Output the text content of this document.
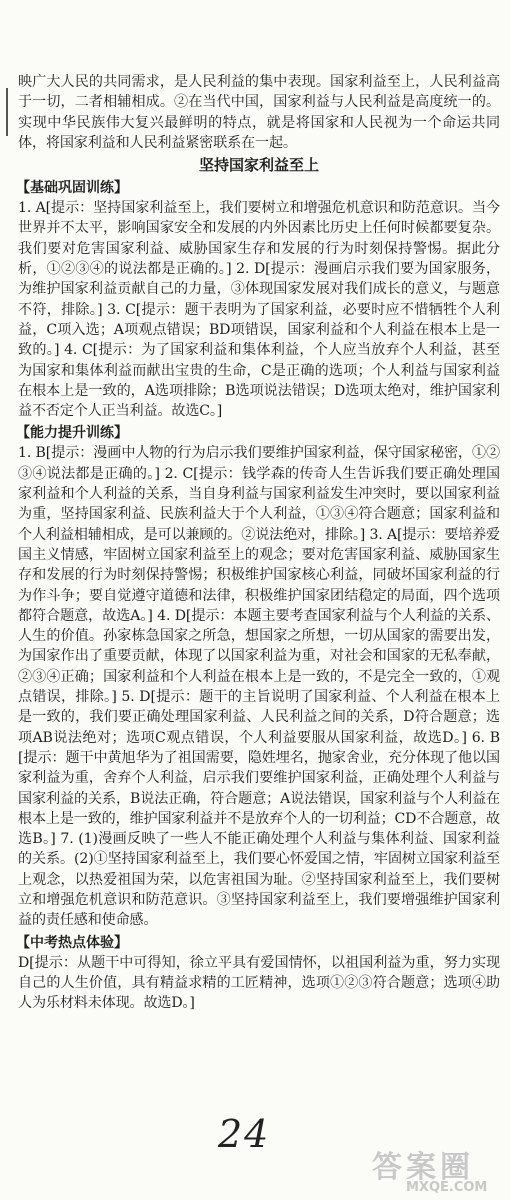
映广大人民的共同需求，是人民利益的集中表现。国家利益至上，人民利益高于一切，二者相辅相成。②在当代中国，国家利益与人民利益是高度统一的。实现中华民族伟大复兴最鲜明的特点，就是将国家和人民视为一个命运共同体，将国家利益和人民利益紧密联系在一起。

坚持国家利益至上
【基础巩固训练】

1. A[提示：坚持国家利益至上，我们要树立和增强危机意识和防范意识。当今世界并不太平，影响国家安全和发展的内外因素比历史上任何时候都要复杂。我们要对危害国家利益、威胁国家生存和发展的行为时刻保持警惕。据此分析，①②③④的说法都是正确的。] 2. D[提示：漫画启示我们要为国家服务，为维护国家利益贡献自己的力量，③体现国家发展对我们成长的意义，与题意不符，排除。] 3. C[提示：题干表明为了国家利益，必要时应不惜牺牲个人利益，C项入选；A项观点错误；BD项错误，国家利益和个人利益在根本上是一致的。] 4. C[提示：为了国家利益和集体利益，个人应当放弃个人利益，甚至为国家和集体利益而献出宝贵的生命，C是正确的选项；个人利益与国家利益在根本上是一致的，A选项排除；B选项说法错误；D选项太绝对，维护国家利益不否定个人正当利益。故选C。]

【能力提升训练】

1. B[提示：漫画中人物的行为启示我们要维护国家利益，保守国家秘密，①②③④说法都是正确的。] 2. C[提示：钱学森的传奇人生告诉我们要正确处理国家利益和个人利益的关系，当自身利益与国家利益发生冲突时，要以国家利益为重，坚持国家利益、民族利益大于个人利益，①③④符合题意；国家利益和个人利益相辅相成，是可以兼顾的。②说法绝对，排除。] 3. A[提示：要培养爱国主义情感，牢固树立国家利益至上的观念；要对危害国家利益、威胁国家生存和发展的行为时刻保持警惕；积极维护国家核心利益，同破坏国家利益的行为作斗争；要自觉遵守道德和法律，积极维护国家团结稳定的局面，四个选项都符合题意，故选A。] 4. D[提示：本题主要考查国家利益与个人利益的关系、人生的价值。孙家栋急国家之所急，想国家之所想，一切从国家的需要出发，为国家作出了重要贡献，体现了以国家利益为重，对社会和国家的无私奉献，②③④正确；国家利益和个人利益在根本上是一致的，不是完全一致的，①观点错误，排除。] 5. D[提示：题干的主旨说明了国家利益、个人利益在根本上是一致的，我们要正确处理国家利益、人民利益之间的关系，D符合题意；选项AB说法绝对；选项C观点错误，个人利益要服从国家利益，故选D。] 6. B[提示：题干中黄旭华为了祖国需要，隐姓埋名，抛家舍业，充分体现了他以国家利益为重，舍弃个人利益，启示我们要维护国家利益，正确处理个人利益与国家利益的关系，B说法正确，符合题意；A说法错误，国家利益与个人利益在根本上是一致的，维护国家利益并不是放弃个人的一切利益；CD不合题意，故选B。] 7. (1)漫画反映了一些人不能正确处理个人利益与集体利益、国家利益的关系。(2)①坚持国家利益至上，我们要心怀爱国之情，牢固树立国家利益至上观念，以热爱祖国为荣，以危害祖国为耻。②坚持国家利益至上，我们要树立和增强危机意识和防范意识。③坚持国家利益至上，我们要增强维护国家利益的责任感和使命感。

【中考热点体验】

D[提示：从题干中可得知，徐立平具有爱国情怀，以祖国利益为重，努力实现自己的人生价值，具有精益求精的工匠精神，选项①②③符合题意；选项④助人为乐材料未体现。故选D。]

24
答案圈
MXQE.COM
